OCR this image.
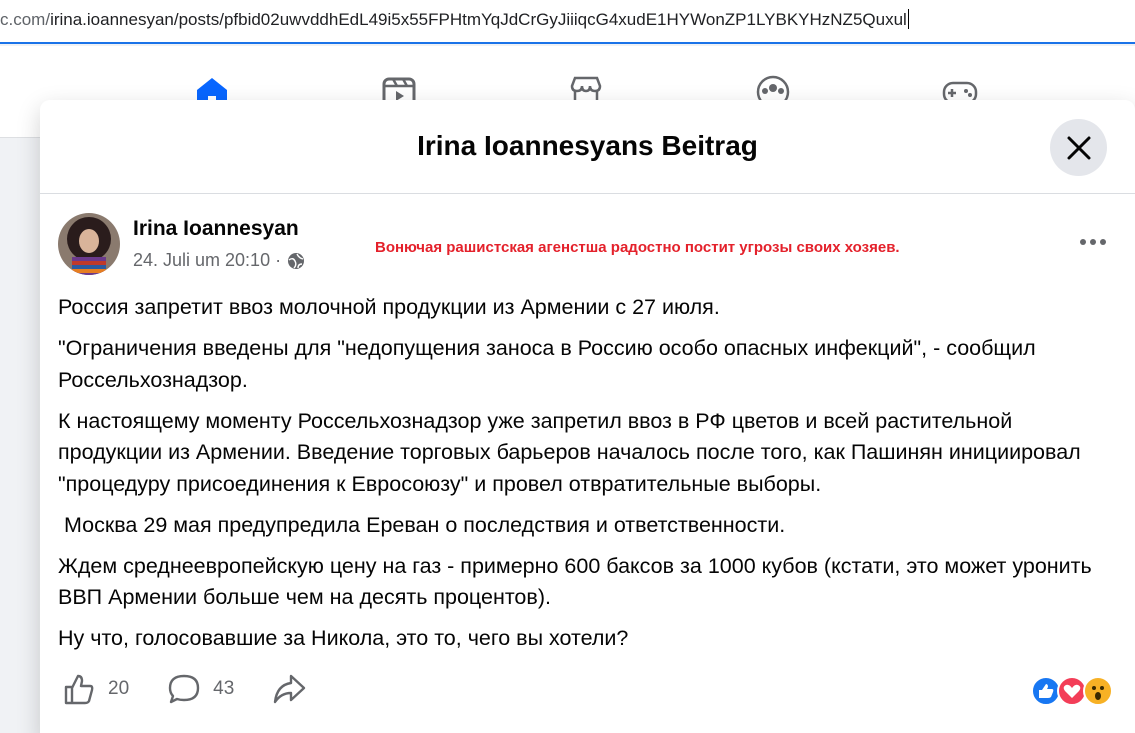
c.com/irina.ioannesyan/posts/pfbid02uwvddhEdL49i5x55FPHtmYqJdCrGyJiiiqcG4xudE1HYWonZP1LYBKYHzNZ5Quxul
Irina Ioannesyans Beitrag
Irina Ioannesyan
24. Juli um 20:10 ·
Вонючая рашистская агенстша радостно постит угрозы своих хозяев.

Россия запретит ввоз молочной продукции из Армении с 27 июля.

"Ограничения введены для "недопущения заноса в Россию особо опасных инфекций", - сообщил Россельхознадзор.

К настоящему моменту Россельхознадзор уже запретил ввоз в РФ цветов и всей растительной продукции из Армении. Введение торговых барьеров началось после того, как Пашинян инициировал "процедуру присоединения к Евросоюзу" и провел отвратительные выборы.

Москва 29 мая предупредила Ереван о последствия и ответственности.

Ждем среднеевропейскую цену на газ - примерно 600 баксов за 1000 кубов (кстати, это может уронить ВВП Армении больше чем на десять процентов).

Ну что, голосовавшие за Никола, это то, чего вы хотели?

20	43
